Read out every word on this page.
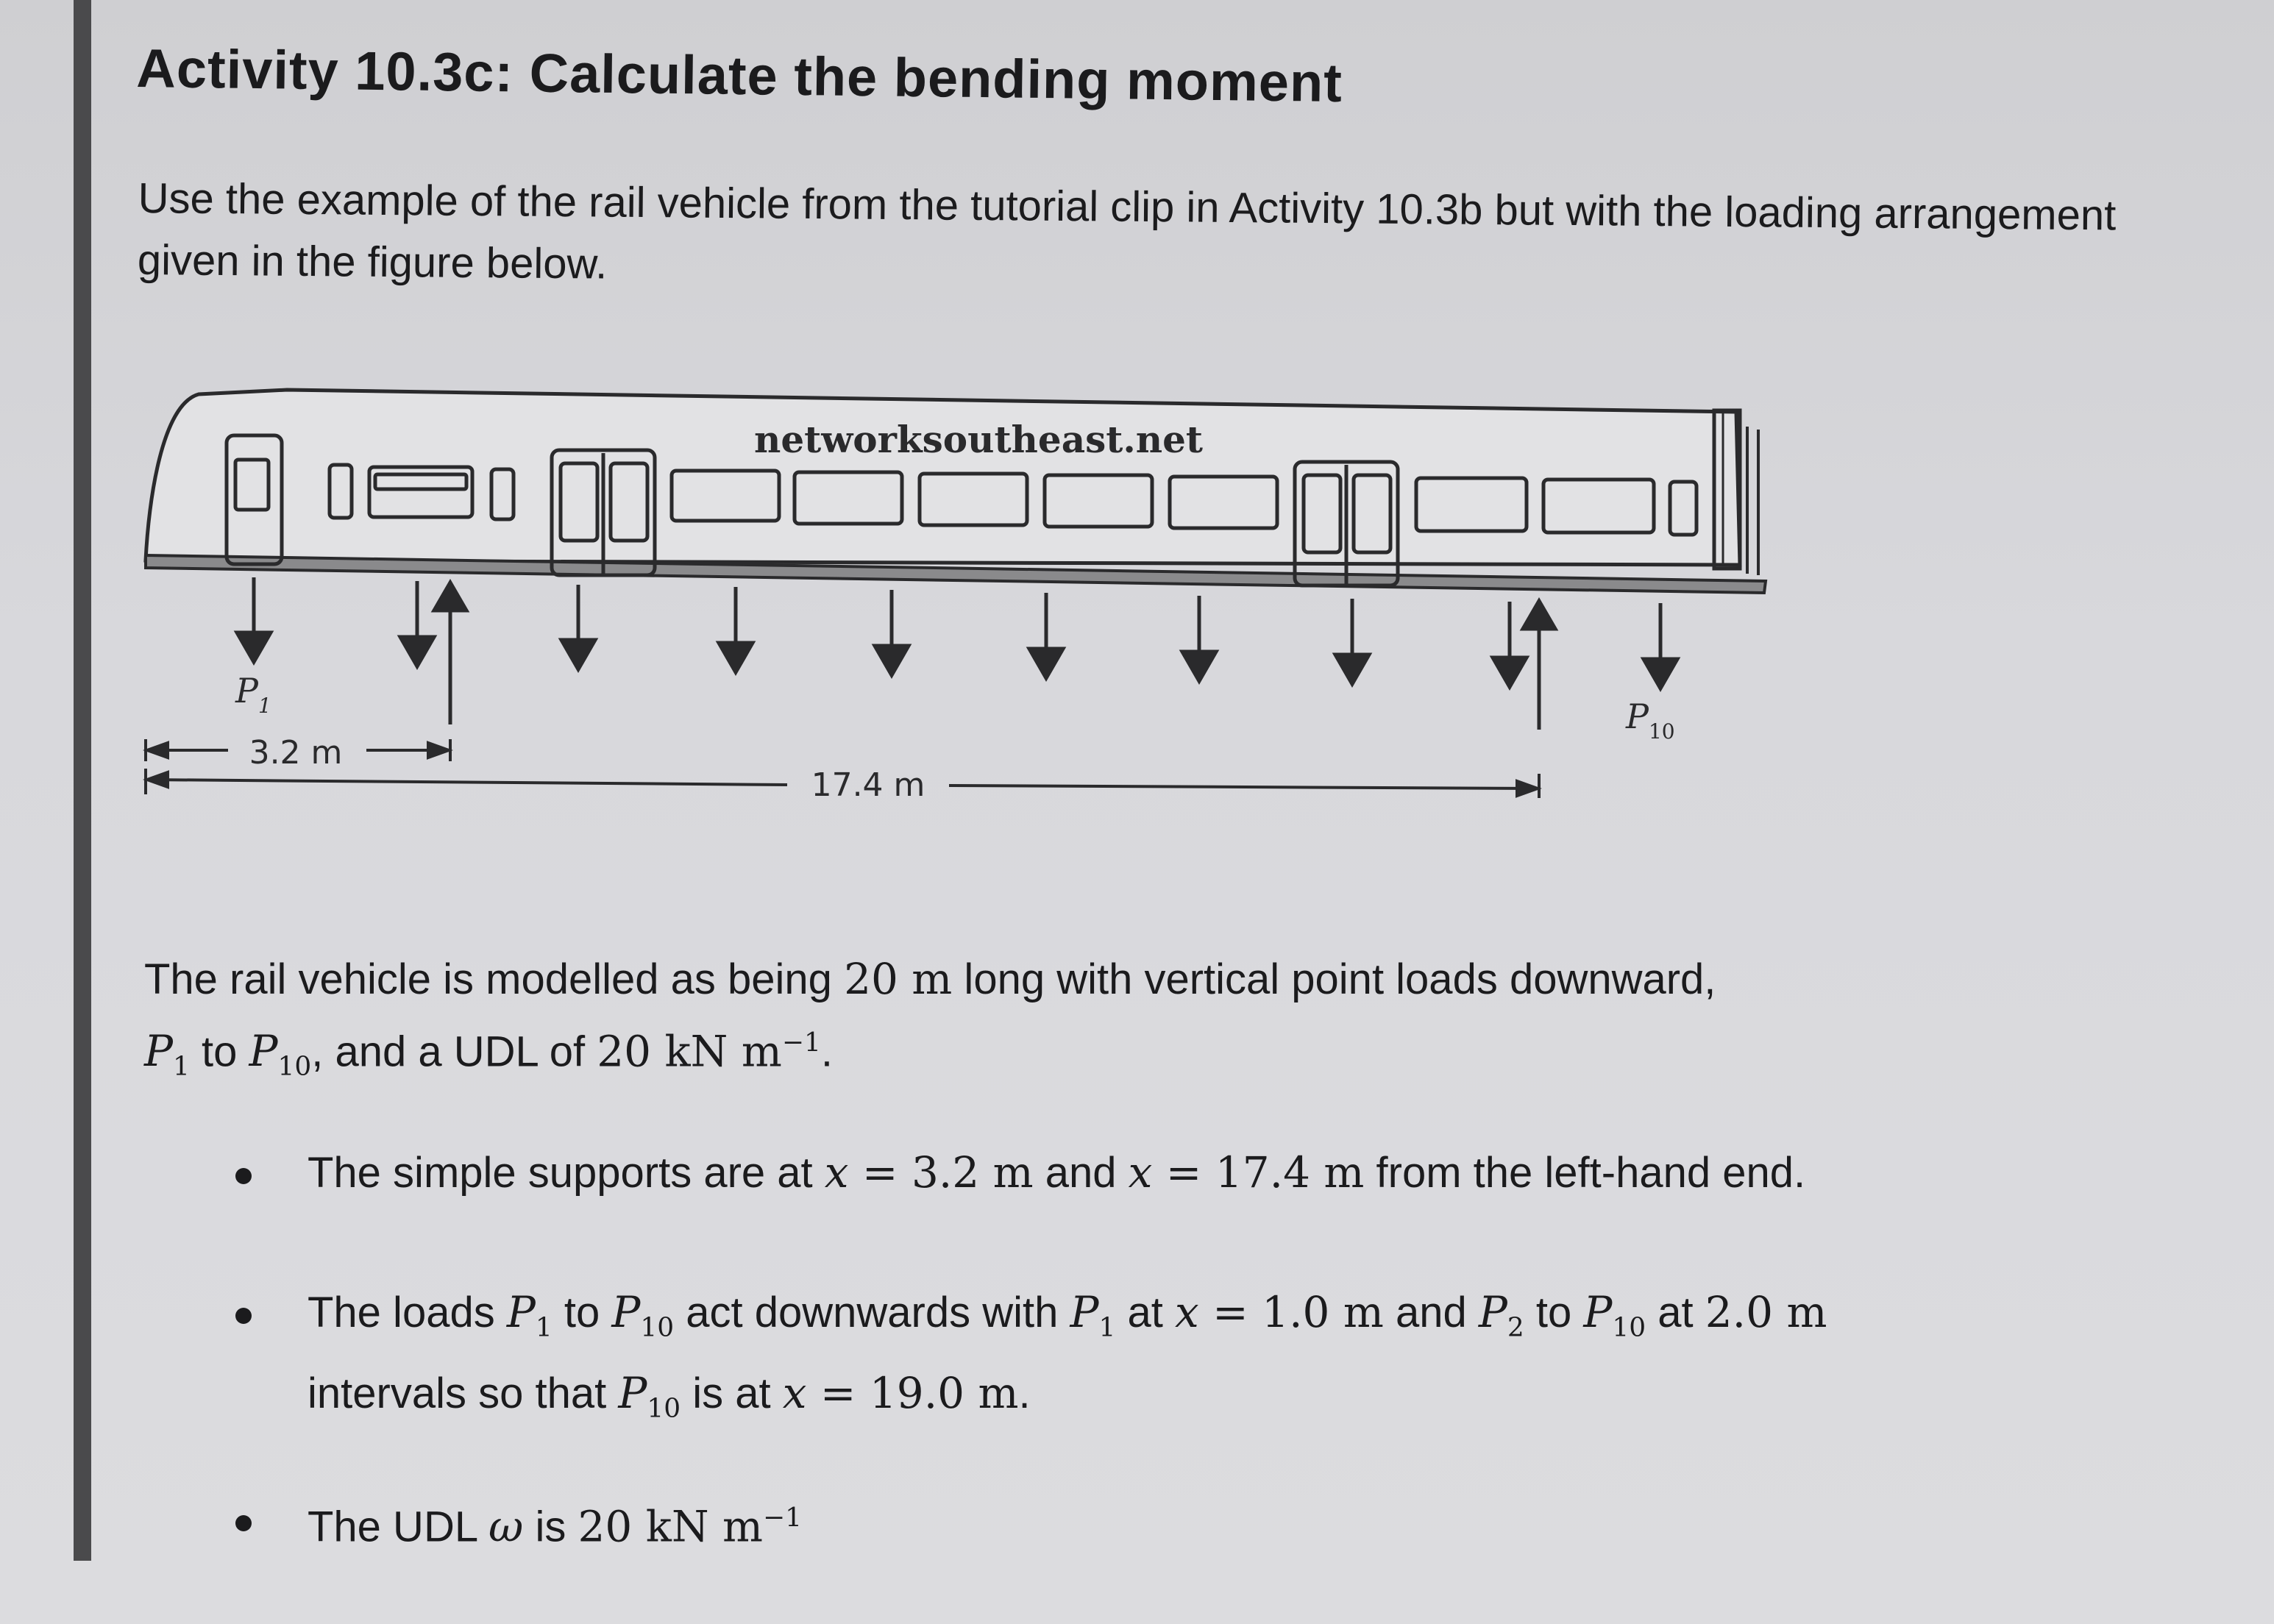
Activity 10.3c: Calculate the bending moment

Use the example of the rail vehicle from the tutorial clip in Activity 10.3b but with the loading arrangement given in the figure below.

networksoutheast.net
$P_1$	$P_{10}$
3.2 m
17.4 m

The rail vehicle is modelled as being 20 m long with vertical point loads downward,
$P_1$ to $P_{10}$, and a UDL of 20 kN $m^{-1}$.

The simple supports are at x = 3.2 m and x = 17.4 m from the left-hand end.

The loads $P_1$ to $P_{10}$ act downwards with $P_1$ at x = 1.0 m and $P_2$ to $P_{10}$ at 2.0 m
intervals so that $P_{10}$ is at x = 19.0 m.

The UDL ω is 20 kN $m^{-1}$
